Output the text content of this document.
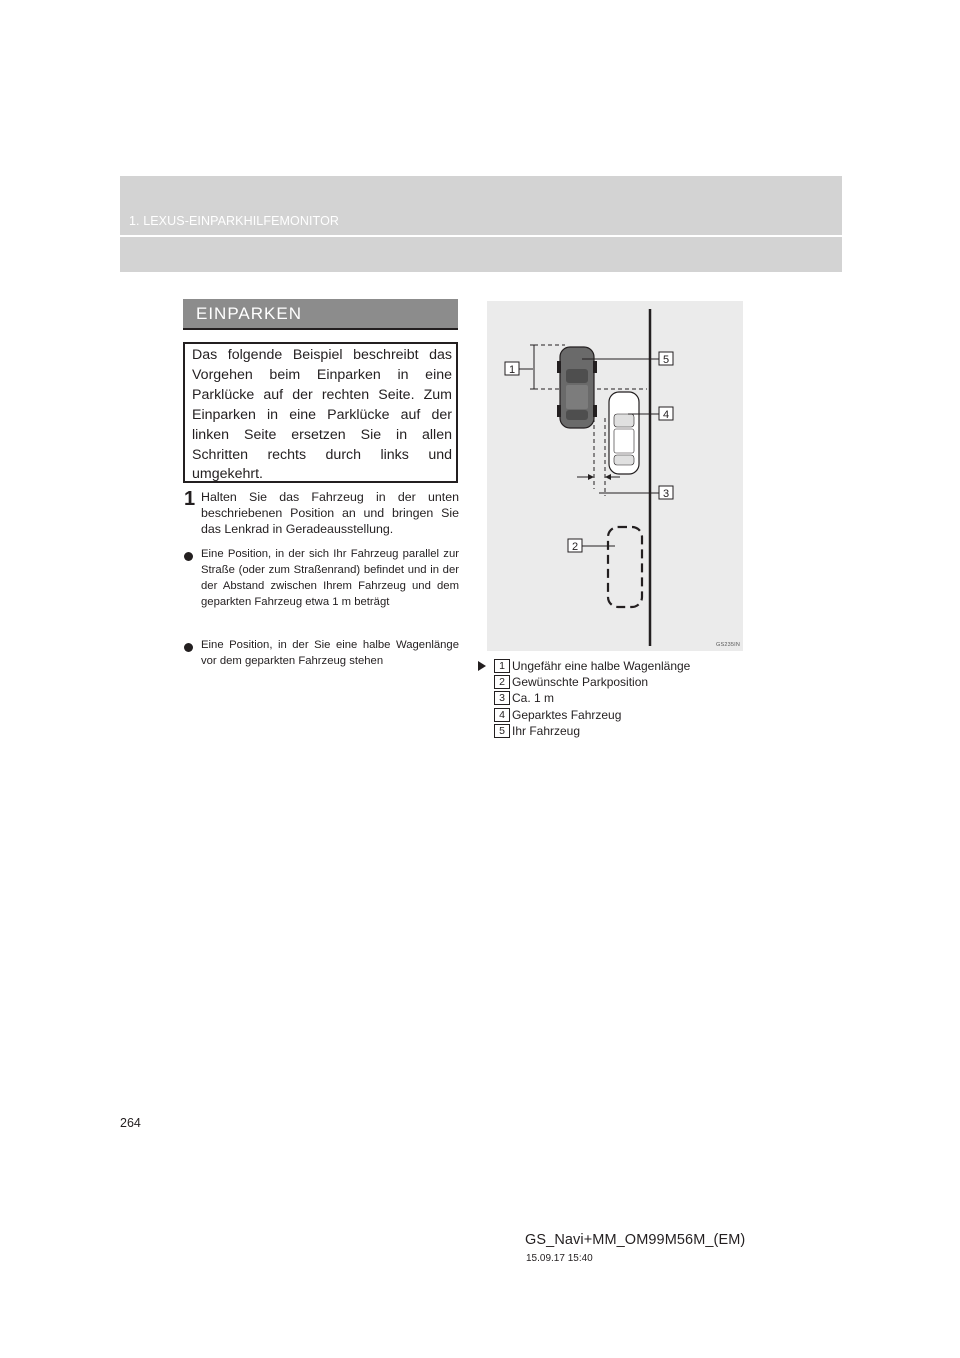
1. LEXUS-EINPARKHILFEMONITOR
EINPARKEN
Das folgende Beispiel beschreibt das Vorgehen beim Einparken in eine Parklücke auf der rechten Seite. Zum Einparken in eine Parklücke auf der linken Seite ersetzen Sie in allen Schritten rechts durch links und umgekehrt.
1 Halten Sie das Fahrzeug in der unten beschriebenen Position an und bringen Sie das Lenkrad in Geradeausstellung.
Eine Position, in der sich Ihr Fahrzeug parallel zur Straße (oder zum Straßenrand) befindet und in der der Abstand zwischen Ihrem Fahrzeug und dem geparkten Fahrzeug etwa 1 m beträgt
Eine Position, in der Sie eine halbe Wagenlänge vor dem geparkten Fahrzeug stehen
1
5
4
3
2
GS235IN
1 Ungefähr eine halbe Wagenlänge
2 Gewünschte Parkposition
3 Ca. 1 m
4 Geparktes Fahrzeug
5 Ihr Fahrzeug
264
GS_Navi+MM_OM99M56M_(EM)
15.09.17 15:40
